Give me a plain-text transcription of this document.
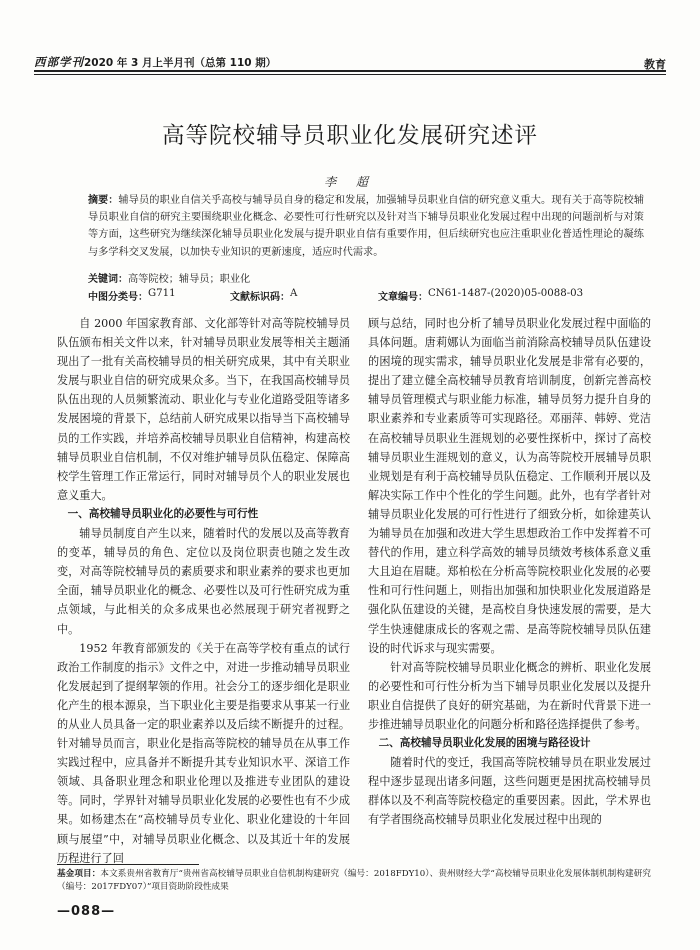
西部学刊2020 年 3 月上半月刊（总第 110 期）	教育
高等院校辅导员职业化发展研究述评
李 超
摘要：辅导员的职业自信关乎高校与辅导员自身的稳定和发展，加强辅导员职业自信的研究意义重大。现有关于高等院校辅导员职业自信的研究主要围绕职业化概念、必要性可行性研究以及针对当下辅导员职业化发展过程中出现的问题剖析与对策等方面，这些研究为继续深化辅导员职业化发展与提升职业自信有重要作用，但后续研究也应注重职业化普适性理论的凝练与多学科交叉发展，以加快专业知识的更新速度，适应时代需求。
关键词：高等院校；辅导员；职业化
中图分类号： G711	文献标识码： A	文章编号： CN61-1487-(2020)05-0088-03

自 2000 年国家教育部、文化部等针对高等院校辅导员队伍颁布相关文件以来，针对辅导员职业发展等相关主题涌现出了一批有关高校辅导员的相关研究成果，其中有关职业发展与职业自信的研究成果众多。当下，在我国高校辅导员队伍出现的人员频繁流动、职业化与专业化道路受阻等诸多发展困境的背景下，总结前人研究成果以指导当下高校辅导员的工作实践，并培养高校辅导员职业自信精神，构建高校辅导员职业自信机制，不仅对维护辅导员队伍稳定、保障高校学生管理工作正常运行，同时对辅导员个人的职业发展也意义重大。

一、高校辅导员职业化的必要性与可行性

辅导员制度自产生以来，随着时代的发展以及高等教育的变革，辅导员的角色、定位以及岗位职责也随之发生改变，对高等院校辅导员的素质要求和职业素养的要求也更加全面，辅导员职业化的概念、必要性以及可行性研究成为重点领域，与此相关的众多成果也必然展现于研究者视野之中。

1952 年教育部颁发的《关于在高等学校有重点的试行政治工作制度的指示》文件之中，对进一步推动辅导员职业化发展起到了提纲挈领的作用。社会分工的逐步细化是职业化产生的根本源泉，当下职业化主要是指要求从事某一行业的从业人员具备一定的职业素养以及后续不断提升的过程。针对辅导员而言，职业化是指高等院校的辅导员在从事工作实践过程中，应具备并不断提升其专业知识水平、深谙工作领域、具备职业理念和职业伦理以及推进专业团队的建设等。同时，学界针对辅导员职业化发展的必要性也有不少成果。如杨建杰在“高校辅导员专业化、职业化建设的十年回顾与展望”中，对辅导员职业化概念、以及其近十年的发展历程进行了回

顾与总结，同时也分析了辅导员职业化发展过程中面临的具体问题。唐莉娜认为面临当前消除高校辅导员队伍建设的困境的现实需求，辅导员职业化发展是非常有必要的，提出了建立健全高校辅导员教育培训制度，创新完善高校辅导员管理模式与职业能力标准，辅导员努力提升自身的职业素养和专业素质等可实现路径。邓丽萍、韩婷、党洁在高校辅导员职业生涯规划的必要性探析中，探讨了高校辅导员职业生涯规划的意义，认为高等院校开展辅导员职业规划是有利于高校辅导员队伍稳定、工作顺利开展以及解决实际工作中个性化的学生问题。此外，也有学者针对辅导员职业化发展的可行性进行了细致分析，如徐建英认为辅导员在加强和改进大学生思想政治工作中发挥着不可替代的作用，建立科学高效的辅导员绩效考核体系意义重大且迫在眉睫。郑柏松在分析高等院校职业化发展的必要性和可行性问题上，则指出加强和加快职业化发展道路是强化队伍建设的关键，是高校自身快速发展的需要，是大学生快速健康成长的客观之需、是高等院校辅导员队伍建设的时代诉求与现实需要。

针对高等院校辅导员职业化概念的辨析、职业化发展的必要性和可行性分析为当下辅导员职业化发展以及提升职业自信提供了良好的研究基础，为在新时代背景下进一步推进辅导员职业化的问题分析和路径选择提供了参考。

二、高校辅导员职业化发展的困境与路径设计

随着时代的变迁，我国高等院校辅导员在职业发展过程中逐步显现出诸多问题，这些问题更是困扰高校辅导员群体以及不利高等院校稳定的重要因素。因此，学术界也有学者围绕高校辅导员职业化发展过程中出现的

基金项目：本文系贵州省教育厅“贵州省高校辅导员职业自信机制构建研究（编号：2018FDY10）、贵州财经大学“高校辅导员职业化发展体制机制构建研究（编号：2017FDY07）”项目资助阶段性成果
—088—
